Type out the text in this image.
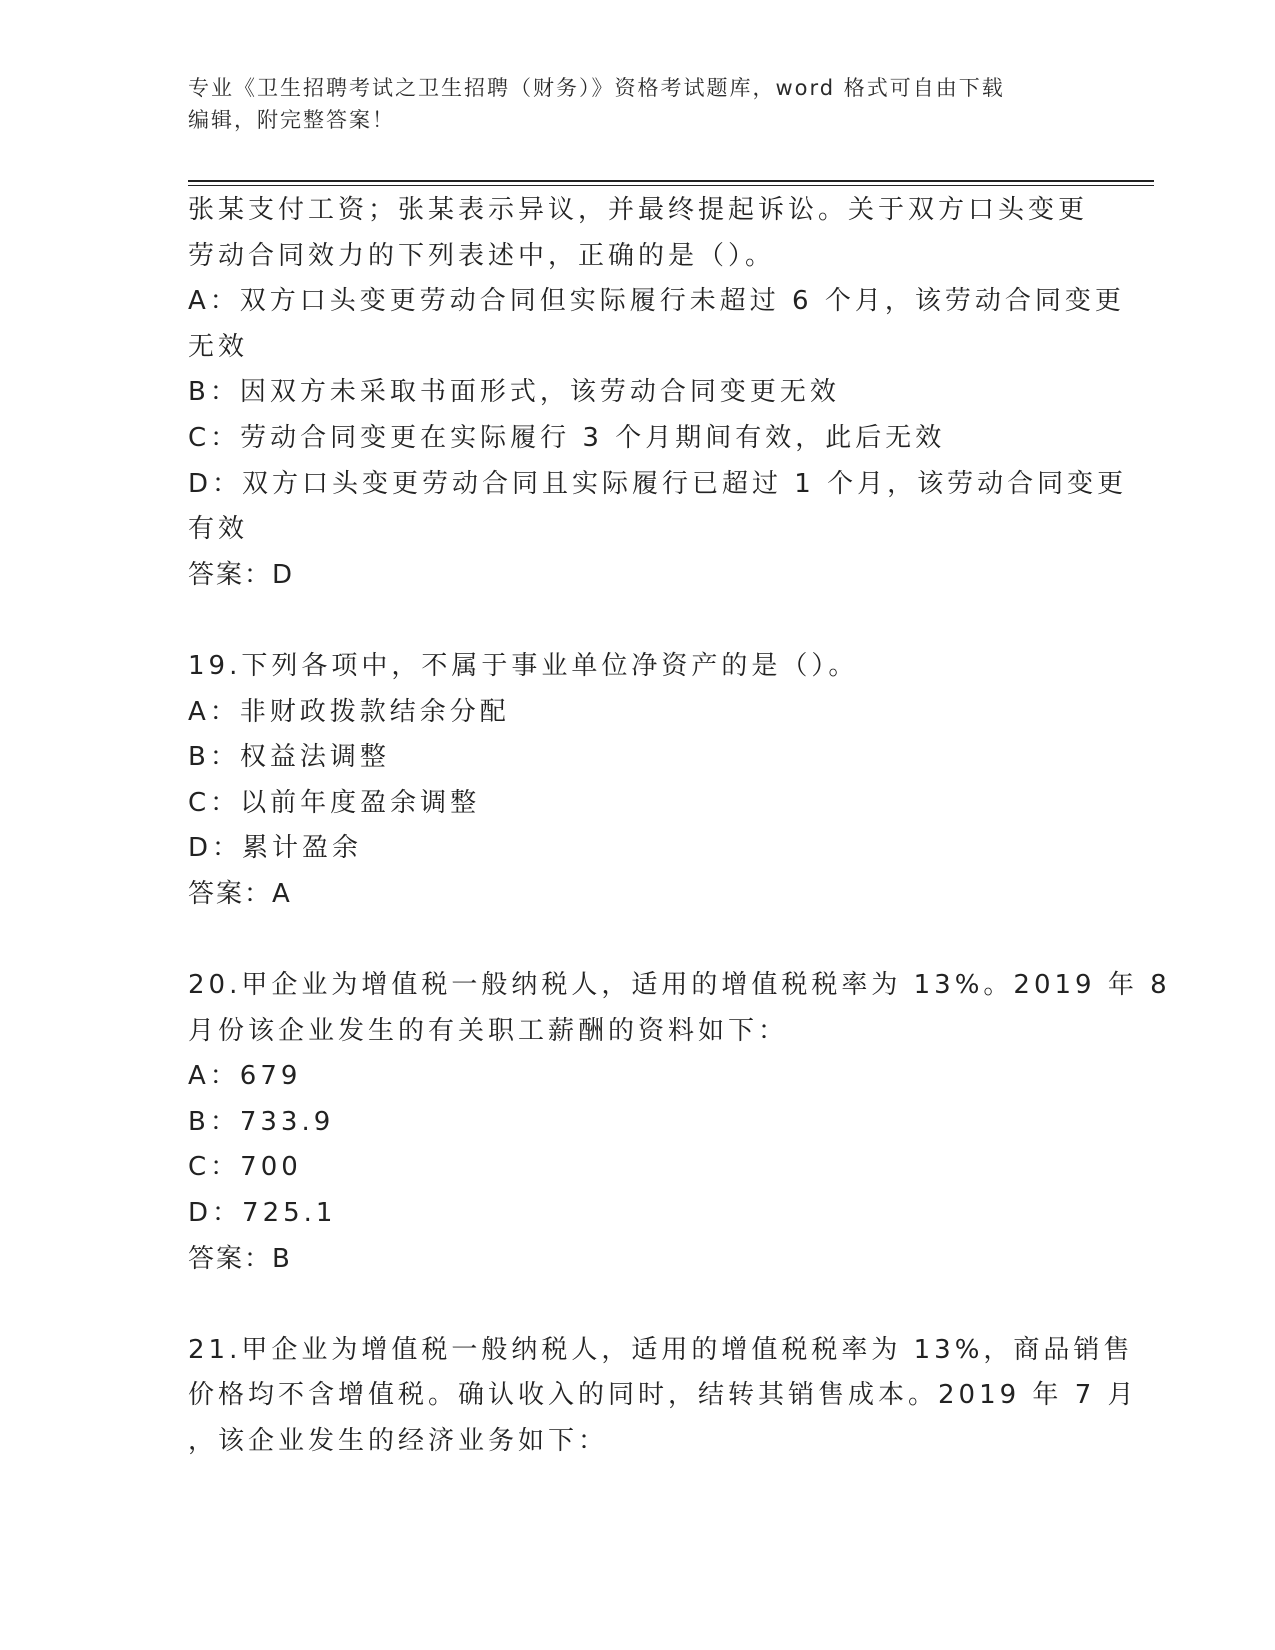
专业《卫生招聘考试之卫生招聘（财务）》资格考试题库，word 格式可自由下载
编辑，附完整答案！
张某支付工资；张某表示异议，并最终提起诉讼。关于双方口头变更
劳动合同效力的下列表述中，正确的是（）。
A：双方口头变更劳动合同但实际履行未超过 6 个月，该劳动合同变更
无效
B：因双方未采取书面形式，该劳动合同变更无效
C：劳动合同变更在实际履行 3 个月期间有效，此后无效
D：双方口头变更劳动合同且实际履行已超过 1 个月，该劳动合同变更
有效
答案：D
19.下列各项中，不属于事业单位净资产的是（）。
A：非财政拨款结余分配
B：权益法调整
C：以前年度盈余调整
D：累计盈余
答案：A
20.甲企业为增值税一般纳税人，适用的增值税税率为 13%。2019 年 8
月份该企业发生的有关职工薪酬的资料如下：
A：679
B：733.9
C：700
D：725.1
答案：B
21.甲企业为增值税一般纳税人，适用的增值税税率为 13%，商品销售
价格均不含增值税。确认收入的同时，结转其销售成本。2019 年 7 月
，该企业发生的经济业务如下：
